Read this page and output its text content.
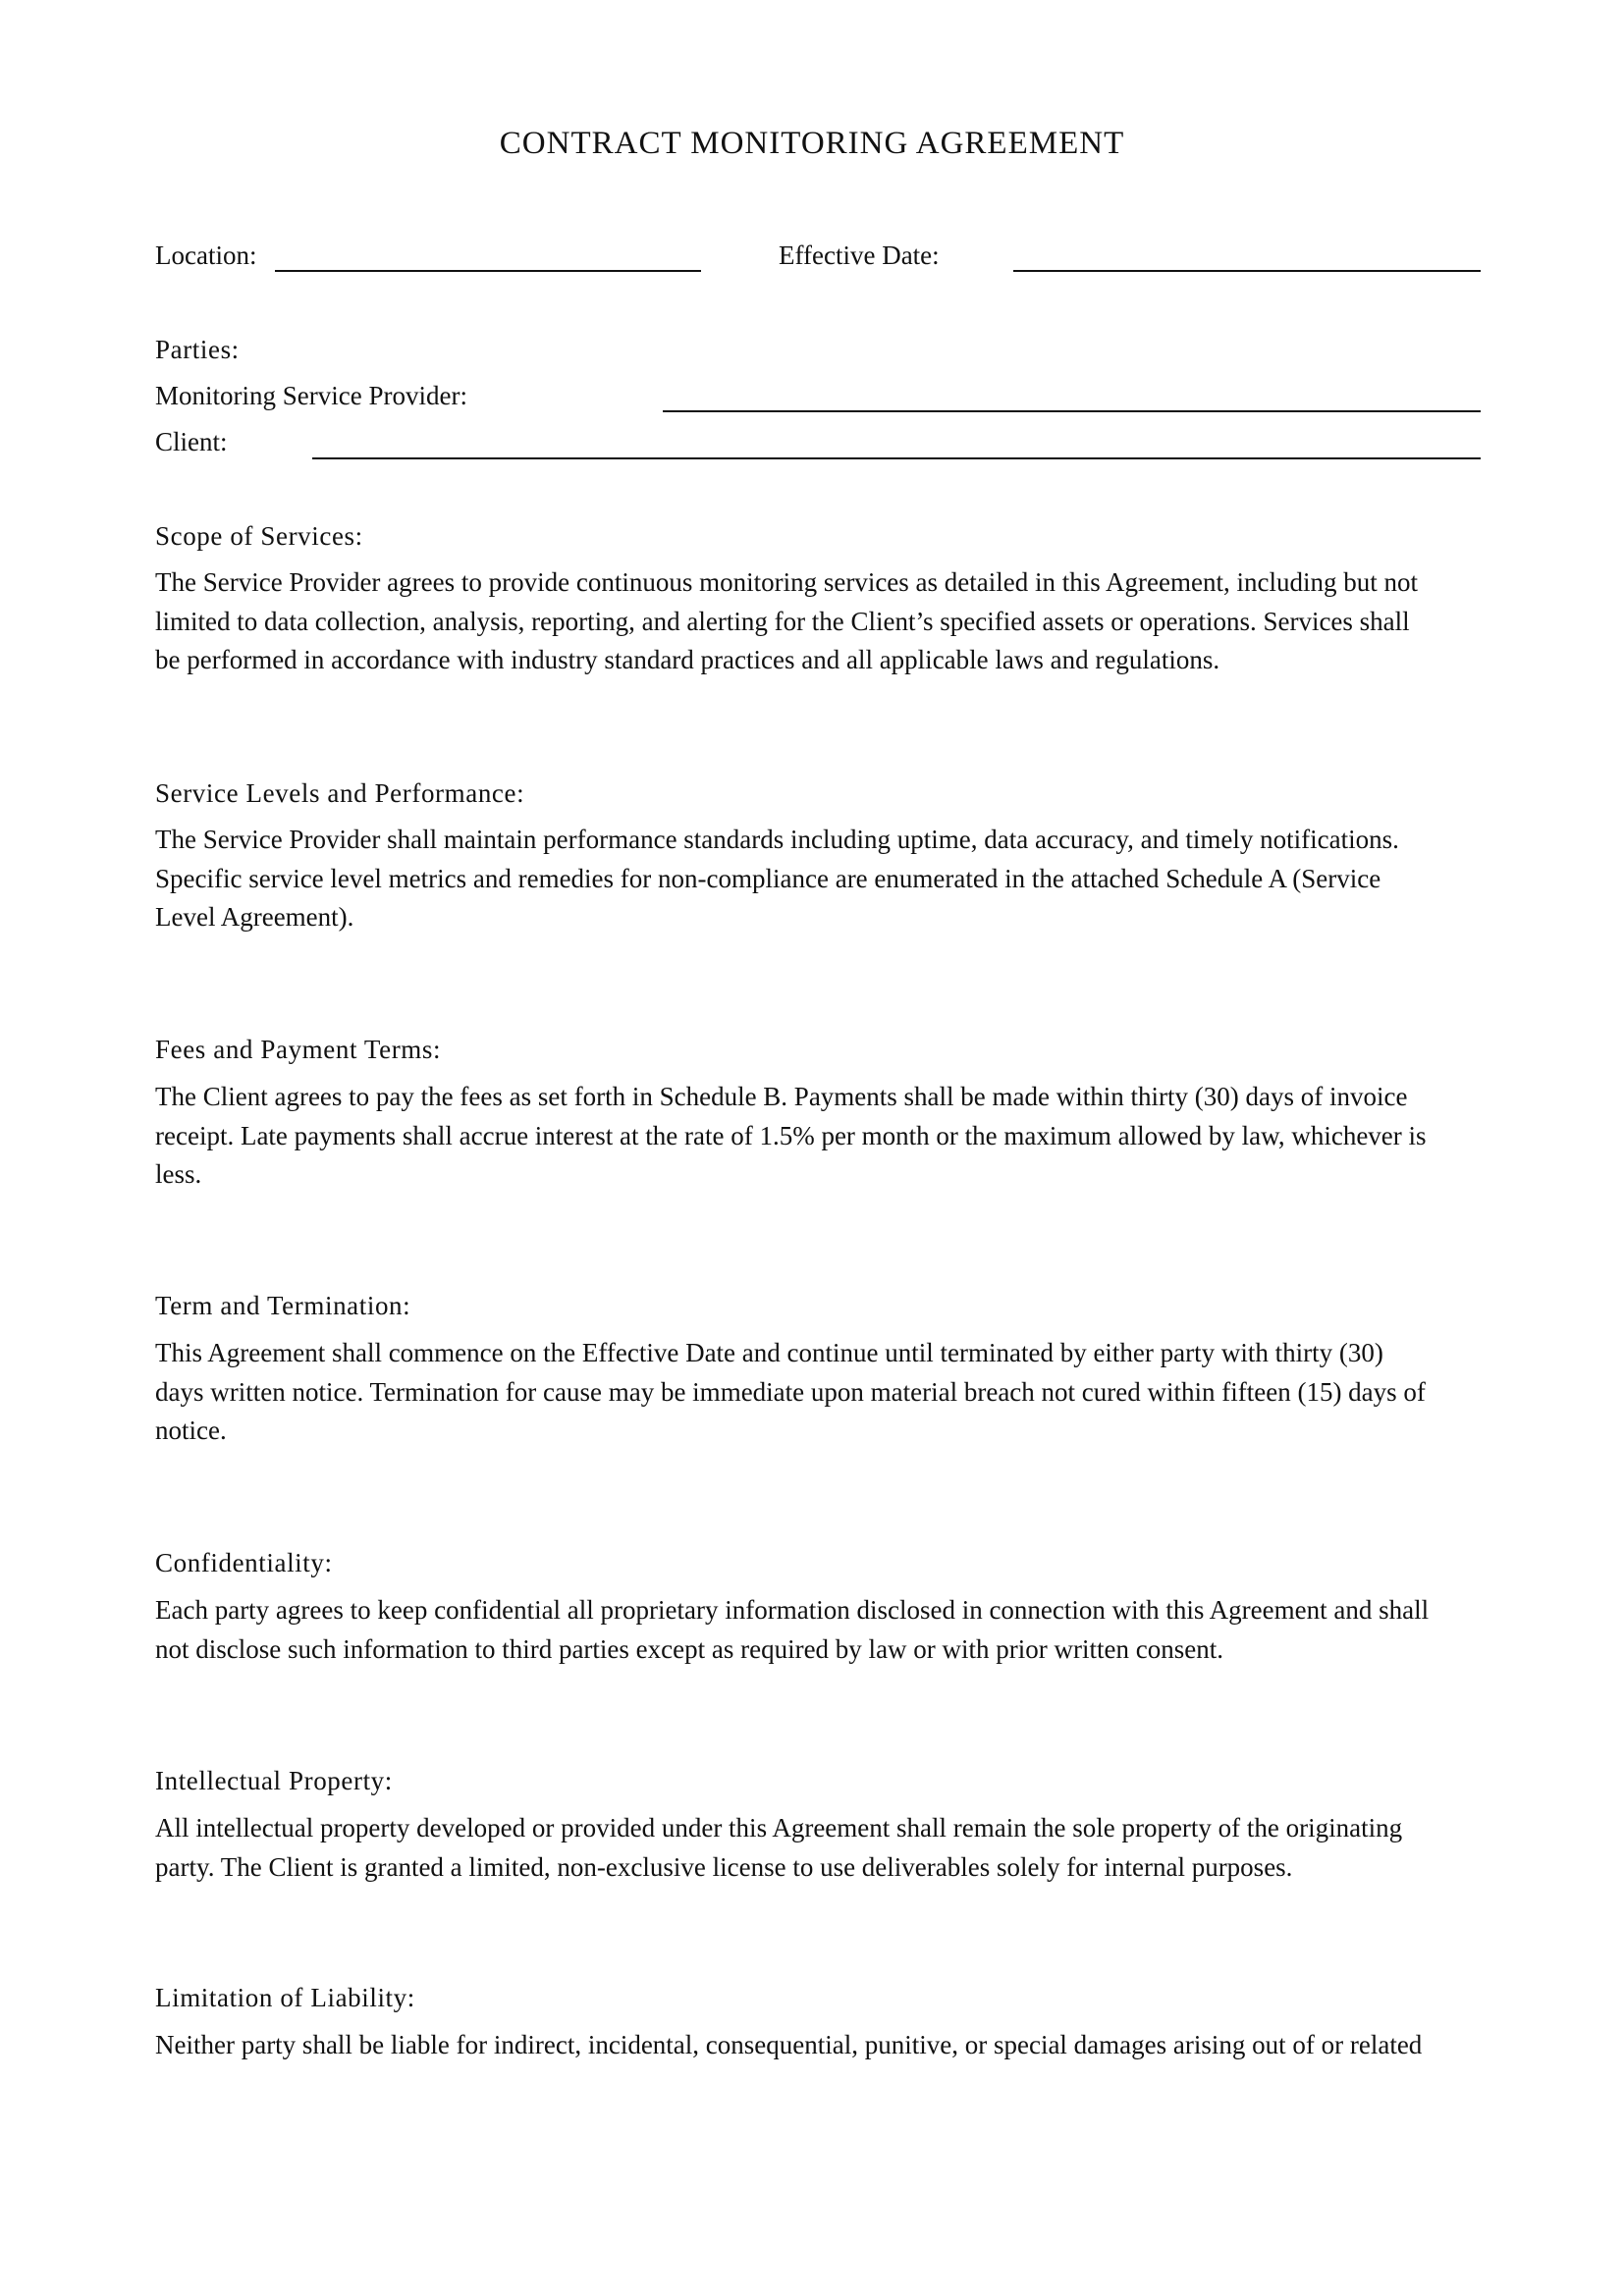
CONTRACT MONITORING AGREEMENT
Location:	Effective Date:
Parties:
Monitoring Service Provider:
Client:
Scope of Services:
The Service Provider agrees to provide continuous monitoring services as detailed in this Agreement, including but not
limited to data collection, analysis, reporting, and alerting for the Client’s specified assets or operations. Services shall
be performed in accordance with industry standard practices and all applicable laws and regulations.
Service Levels and Performance:
The Service Provider shall maintain performance standards including uptime, data accuracy, and timely notifications.
Specific service level metrics and remedies for non-compliance are enumerated in the attached Schedule A (Service
Level Agreement).
Fees and Payment Terms:
The Client agrees to pay the fees as set forth in Schedule B. Payments shall be made within thirty (30) days of invoice
receipt. Late payments shall accrue interest at the rate of 1.5% per month or the maximum allowed by law, whichever is
less.
Term and Termination:
This Agreement shall commence on the Effective Date and continue until terminated by either party with thirty (30)
days written notice. Termination for cause may be immediate upon material breach not cured within fifteen (15) days of
notice.
Confidentiality:
Each party agrees to keep confidential all proprietary information disclosed in connection with this Agreement and shall
not disclose such information to third parties except as required by law or with prior written consent.
Intellectual Property:
All intellectual property developed or provided under this Agreement shall remain the sole property of the originating
party. The Client is granted a limited, non-exclusive license to use deliverables solely for internal purposes.
Limitation of Liability:
Neither party shall be liable for indirect, incidental, consequential, punitive, or special damages arising out of or related
